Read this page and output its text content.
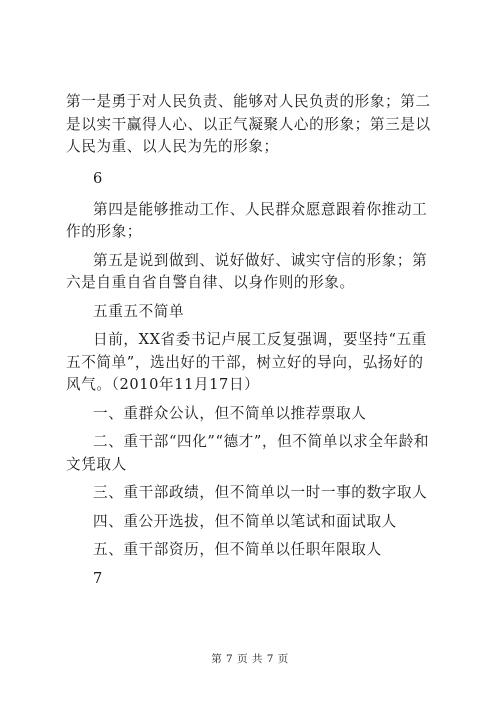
第一是勇于对人民负责、能够对人民负责的形象；第二是以实干赢得人心、以正气凝聚人心的形象；第三是以人民为重、以人民为先的形象；

6

第四是能够推动工作、人民群众愿意跟着你推动工作的形象；

第五是说到做到、说好做好、诚实守信的形象；第六是自重自省自警自律、以身作则的形象。

五重五不简单

日前，XX省委书记卢展工反复强调，要坚持“五重五不简单”，选出好的干部，树立好的导向，弘扬好的风气。（2010年11月17日）

一、重群众公认，但不简单以推荐票取人

二、重干部“四化”“德才”，但不简单以求全年龄和文凭取人

三、重干部政绩，但不简单以一时一事的数字取人

四、重公开选拔，但不简单以笔试和面试取人

五、重干部资历，但不简单以任职年限取人

7

第 7 页 共 7 页
